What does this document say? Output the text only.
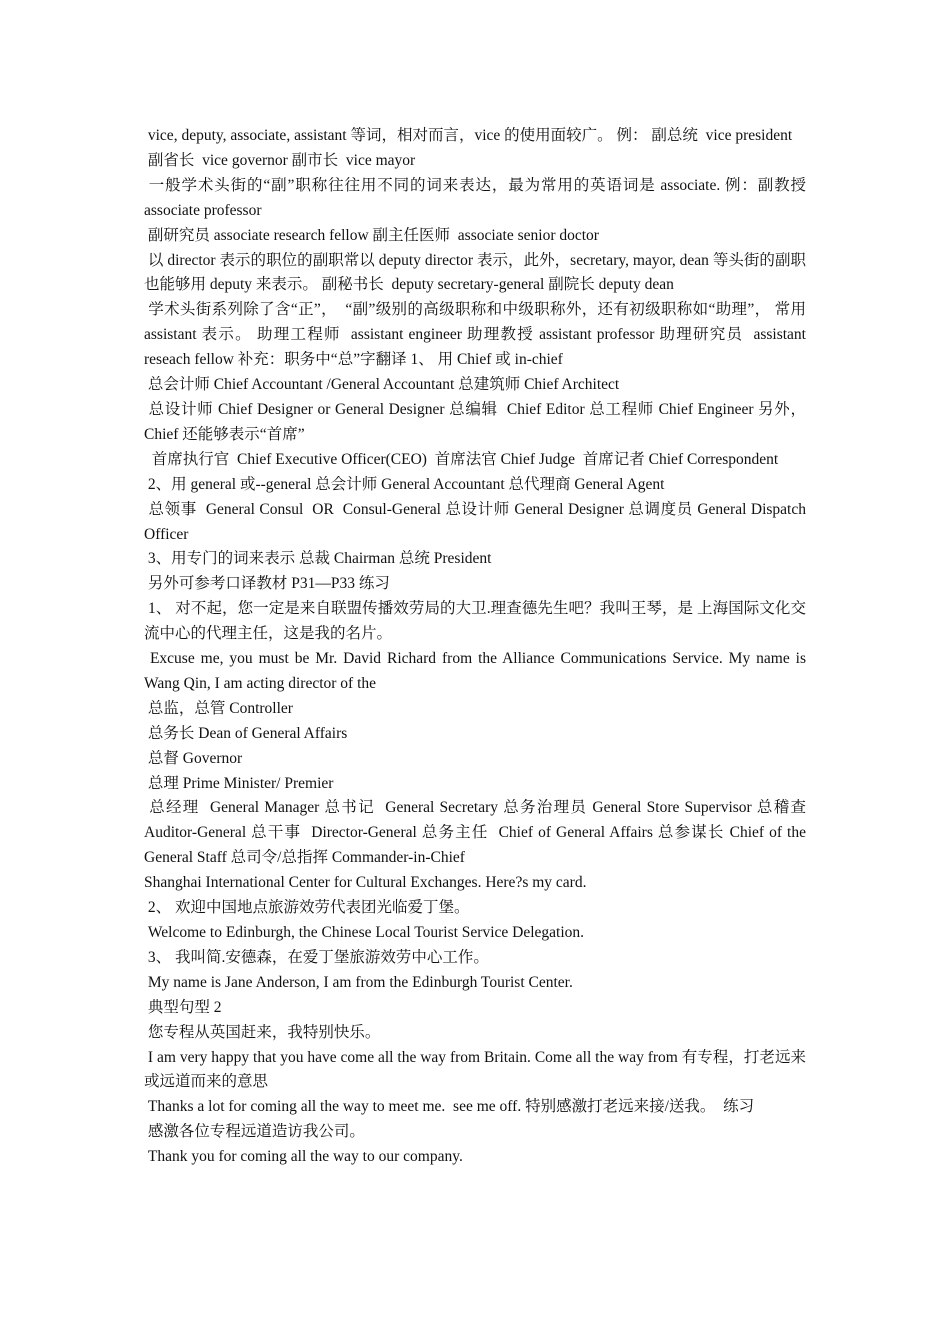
vice, deputy, associate, assistant 等词，相对而言，vice 的使用面较广。 例： 副总统  vice president

副省长  vice governor 副市长  vice mayor

一般学术头街的“副”职称往往用不同的词来表达，最为常用的英语词是 associate. 例：副教授 associate professor

副研究员 associate research fellow 副主任医师  associate senior doctor

以 director 表示的职位的副职常以 deputy director 表示，此外，secretary, mayor, dean 等头街的副职也能够用 deputy 来表示。 副秘书长  deputy secretary-general 副院长 deputy dean

学术头街系列除了含“正”，  “副”级别的高级职称和中级职称外，还有初级职称如“助理”， 常用 assistant 表示。 助理工程师  assistant engineer 助理教授 assistant professor 助理研究员  assistant reseach fellow 补充：职务中“总”字翻译 1、 用 Chief 或 in-chief

总会计师 Chief Accountant /General Accountant 总建筑师 Chief Architect

总设计师 Chief Designer or General Designer 总编辑  Chief Editor 总工程师 Chief Engineer 另外，Chief 还能够表示“首席”

首席执行官  Chief Executive Officer(CEO)  首席法官 Chief Judge  首席记者 Chief Correspondent

2、用 general 或--general 总会计师 General Accountant 总代理商 General Agent

总领事  General Consul  OR  Consul-General 总设计师 General Designer 总调度员 General Dispatch Officer

3、用专门的词来表示 总裁 Chairman 总统 President

另外可参考口译教材 P31—P33 练习

1、 对不起，您一定是来自联盟传播效劳局的大卫.理查德先生吧？我叫王琴，是 上海国际文化交流中心的代理主任，这是我的名片。

Excuse me, you must be Mr. David Richard from the Alliance Communications Service. My name is Wang Qin, I am acting director of the

总监，总管 Controller

总务长 Dean of General Affairs

总督 Governor

总理 Prime Minister/ Premier

总经理  General Manager 总书记  General Secretary 总务治理员 General Store Supervisor 总稽查  Auditor-General 总干事  Director-General 总务主任  Chief of General Affairs 总参谋长 Chief of the General Staff 总司令/总指挥 Commander-in-Chief

Shanghai International Center for Cultural Exchanges. Here?s my card.

2、 欢迎中国地点旅游效劳代表团光临爱丁堡。

Welcome to Edinburgh, the Chinese Local Tourist Service Delegation.

3、 我叫简.安德森，在爱丁堡旅游效劳中心工作。

My name is Jane Anderson, I am from the Edinburgh Tourist Center.

典型句型 2

您专程从英国赶来，我特别快乐。

I am very happy that you have come all the way from Britain. Come all the way from 有专程，打老远来或远道而来的意思

Thanks a lot for coming all the way to meet me.  see me off. 特别感激打老远来接/送我。  练习

感激各位专程远道造访我公司。

Thank you for coming all the way to our company.
